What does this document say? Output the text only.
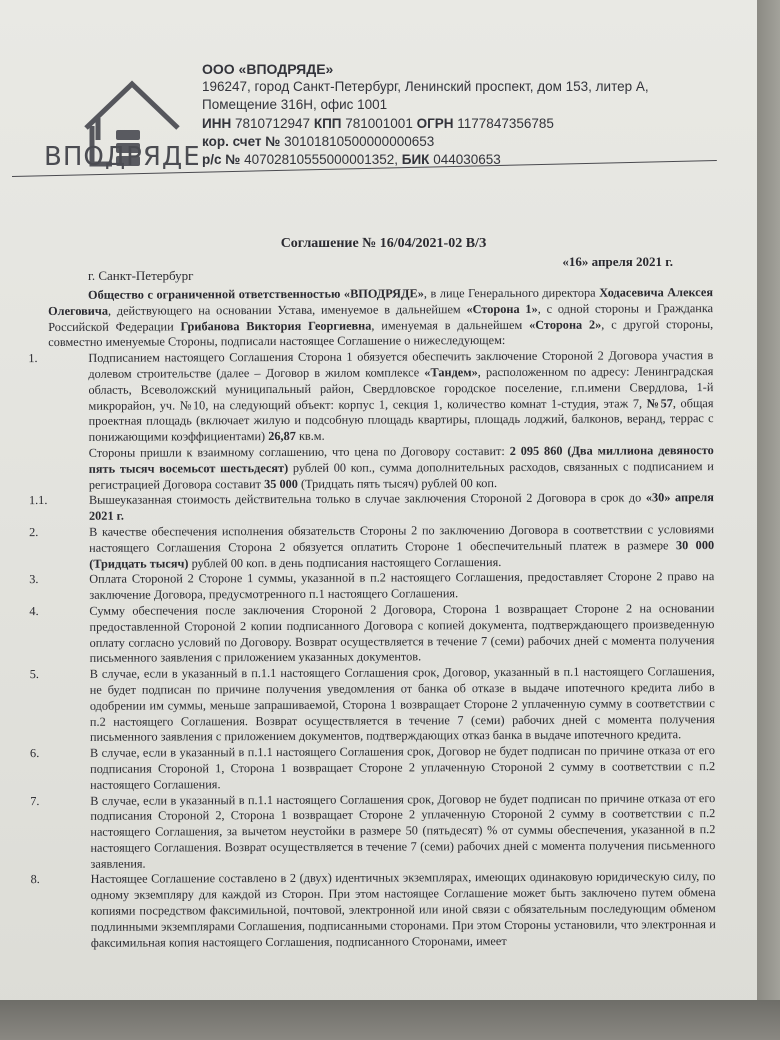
ВПОДРЯДЕ
ООО «ВПОДРЯДЕ»
196247, город Санкт-Петербург, Ленинский проспект, дом 153, литер А,
Помещение 316Н, офис 1001
ИНН 7810712947 КПП 781001001 ОГРН 1177847356785
кор. счет № 30101810500000000653
р/с № 40702810555000001352, БИК 044030653
Соглашение № 16/04/2021-02 В/З
«16» апреля 2021 г.
г. Санкт-Петербург

Общество с ограниченной ответственностью «ВПОДРЯДЕ», в лице Генерального директора Ходасевича Алексея Олеговича, действующего на основании Устава, именуемое в дальнейшем «Сторона 1», с одной стороны и Гражданка Российской Федерации Грибанова Виктория Георгиевна, именуемая в дальнейшем «Сторона 2», с другой стороны, совместно именуемые Стороны, подписали настоящее Соглашение о нижеследующем:

1.	Подписанием настоящего Соглашения Сторона 1 обязуется обеспечить заключение Стороной 2 Договора участия в долевом строительстве (далее – Договор в жилом комплексе «Тандем», расположенном по адресу: Ленинградская область, Всеволожский муниципальный район, Свердловское городское поселение, г.п.имени Свердлова, 1-й микрорайон, уч. №10, на следующий объект: корпус 1, секция 1, количество комнат 1-студия, этаж 7, №57, общая проектная площадь (включает жилую и подсобную площадь квартиры, площадь лоджий, балконов, веранд, террас с понижающими коэффициентами) 26,87 кв.м.

Стороны пришли к взаимному соглашению, что цена по Договору составит: 2 095 860 (Два миллиона девяносто пять тысяч восемьсот шестьдесят) рублей 00 коп., сумма дополнительных расходов, связанных с подписанием и регистрацией Договора составит 35 000 (Тридцать пять тысяч) рублей 00 коп.

1.1.	Вышеуказанная стоимость действительна только в случае заключения Стороной 2 Договора в срок до «30» апреля 2021 г.

2.	В качестве обеспечения исполнения обязательств Стороны 2 по заключению Договора в соответствии с условиями настоящего Соглашения Сторона 2 обязуется оплатить Стороне 1 обеспечительный платеж в размере 30 000 (Тридцать тысяч) рублей 00 коп. в день подписания настоящего Соглашения.

3.	Оплата Стороной 2 Стороне 1 суммы, указанной в п.2 настоящего Соглашения, предоставляет Стороне 2 право на заключение Договора, предусмотренного п.1 настоящего Соглашения.

4.	Сумму обеспечения после заключения Стороной 2 Договора, Сторона 1 возвращает Стороне 2 на основании предоставленной Стороной 2 копии подписанного Договора с копией документа, подтверждающего произведенную оплату согласно условий по Договору. Возврат осуществляется в течение 7 (семи) рабочих дней с момента получения письменного заявления с приложением указанных документов.

5.	В случае, если в указанный в п.1.1 настоящего Соглашения срок, Договор, указанный в п.1 настоящего Соглашения, не будет подписан по причине получения уведомления от банка об отказе в выдаче ипотечного кредита либо в одобрении им суммы, меньше запрашиваемой, Сторона 1 возвращает Стороне 2 уплаченную сумму в соответствии с п.2 настоящего Соглашения. Возврат осуществляется в течение 7 (семи) рабочих дней с момента получения письменного заявления с приложением документов, подтверждающих отказ банка в выдаче ипотечного кредита.

6.	В случае, если в указанный в п.1.1 настоящего Соглашения срок, Договор не будет подписан по причине отказа от его подписания Стороной 1, Сторона 1 возвращает Стороне 2 уплаченную Стороной 2 сумму в соответствии с п.2 настоящего Соглашения.

7.	В случае, если в указанный в п.1.1 настоящего Соглашения срок, Договор не будет подписан по причине отказа от его подписания Стороной 2, Сторона 1 возвращает Стороне 2 уплаченную Стороной 2 сумму в соответствии с п.2 настоящего Соглашения, за вычетом неустойки в размере 50 (пятьдесят) % от суммы обеспечения, указанной в п.2 настоящего Соглашения. Возврат осуществляется в течение 7 (семи) рабочих дней с момента получения письменного заявления.

8.	Настоящее Соглашение составлено в 2 (двух) идентичных экземплярах, имеющих одинаковую юридическую силу, по одному экземпляру для каждой из Сторон. При этом настоящее Соглашение может быть заключено путем обмена копиями посредством факсимильной, почтовой, электронной или иной связи с обязательным последующим обменом подлинными экземплярами Соглашения, подписанными сторонами. При этом Стороны установили, что электронная и факсимильная копия настоящего Соглашения, подписанного Сторонами, имеет
